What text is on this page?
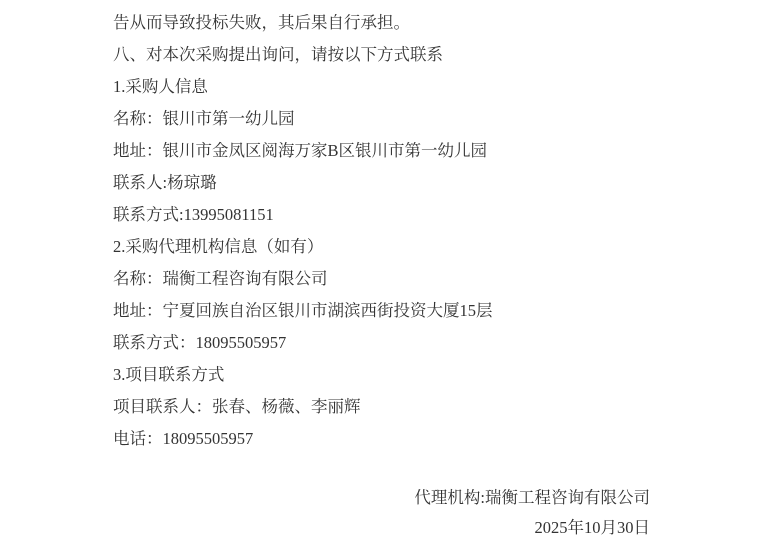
告从而导致投标失败，其后果自行承担。
八、对本次采购提出询问，请按以下方式联系
1.采购人信息
名称：银川市第一幼儿园
地址：银川市金凤区阅海万家B区银川市第一幼儿园
联系人:杨琼璐
联系方式:13995081151
2.采购代理机构信息（如有）
名称：瑞衡工程咨询有限公司
地址：宁夏回族自治区银川市湖滨西街投资大厦15层
联系方式：18095505957
3.项目联系方式
项目联系人：张春、杨薇、李丽辉
电话：18095505957
代理机构:瑞衡工程咨询有限公司
2025年10月30日
